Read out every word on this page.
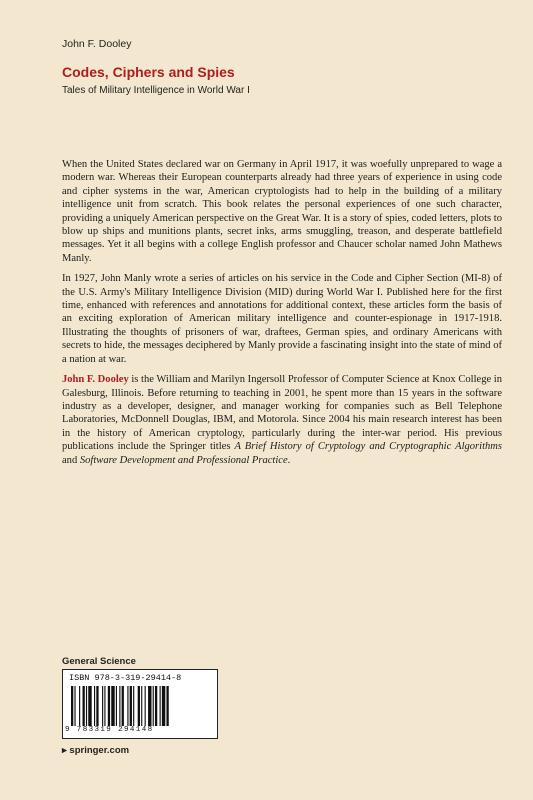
John F. Dooley
Codes, Ciphers and Spies
Tales of Military Intelligence in World War I

When the United States declared war on Germany in April 1917, it was woefully unprepared to wage a modern war. Whereas their European counterparts already had three years of experience in using code and cipher systems in the war, American cryptologists had to help in the building of a military intelligence unit from scratch. This book relates the personal experiences of one such character, providing a uniquely American perspective on the Great War. It is a story of spies, coded letters, plots to blow up ships and munitions plants, secret inks, arms smuggling, treason, and desperate battlefield messages. Yet it all begins with a college English professor and Chaucer scholar named John Mathews Manly.

In 1927, John Manly wrote a series of articles on his service in the Code and Cipher Section (MI-8) of the U.S. Army's Military Intelligence Division (MID) during World War I. Published here for the first time, enhanced with references and annotations for additional context, these articles form the basis of an exciting exploration of American military intelligence and counter-espionage in 1917-1918. Illustrating the thoughts of prisoners of war, draftees, German spies, and ordinary Americans with secrets to hide, the messages deciphered by Manly provide a fascinating insight into the state of mind of a nation at war.

John F. Dooley is the William and Marilyn Ingersoll Professor of Computer Science at Knox College in Galesburg, Illinois. Before returning to teaching in 2001, he spent more than 15 years in the software industry as a developer, designer, and manager working for companies such as Bell Telephone Laboratories, McDonnell Douglas, IBM, and Motorola. Since 2004 his main research interest has been in the history of American cryptology, particularly during the inter-war period. His previous publications include the Springer titles A Brief History of Cryptology and Cryptographic Algorithms and Software Development and Professional Practice.

General Science
ISBN 978-3-319-29414-8
9 783319 294148
▸ springer.com
